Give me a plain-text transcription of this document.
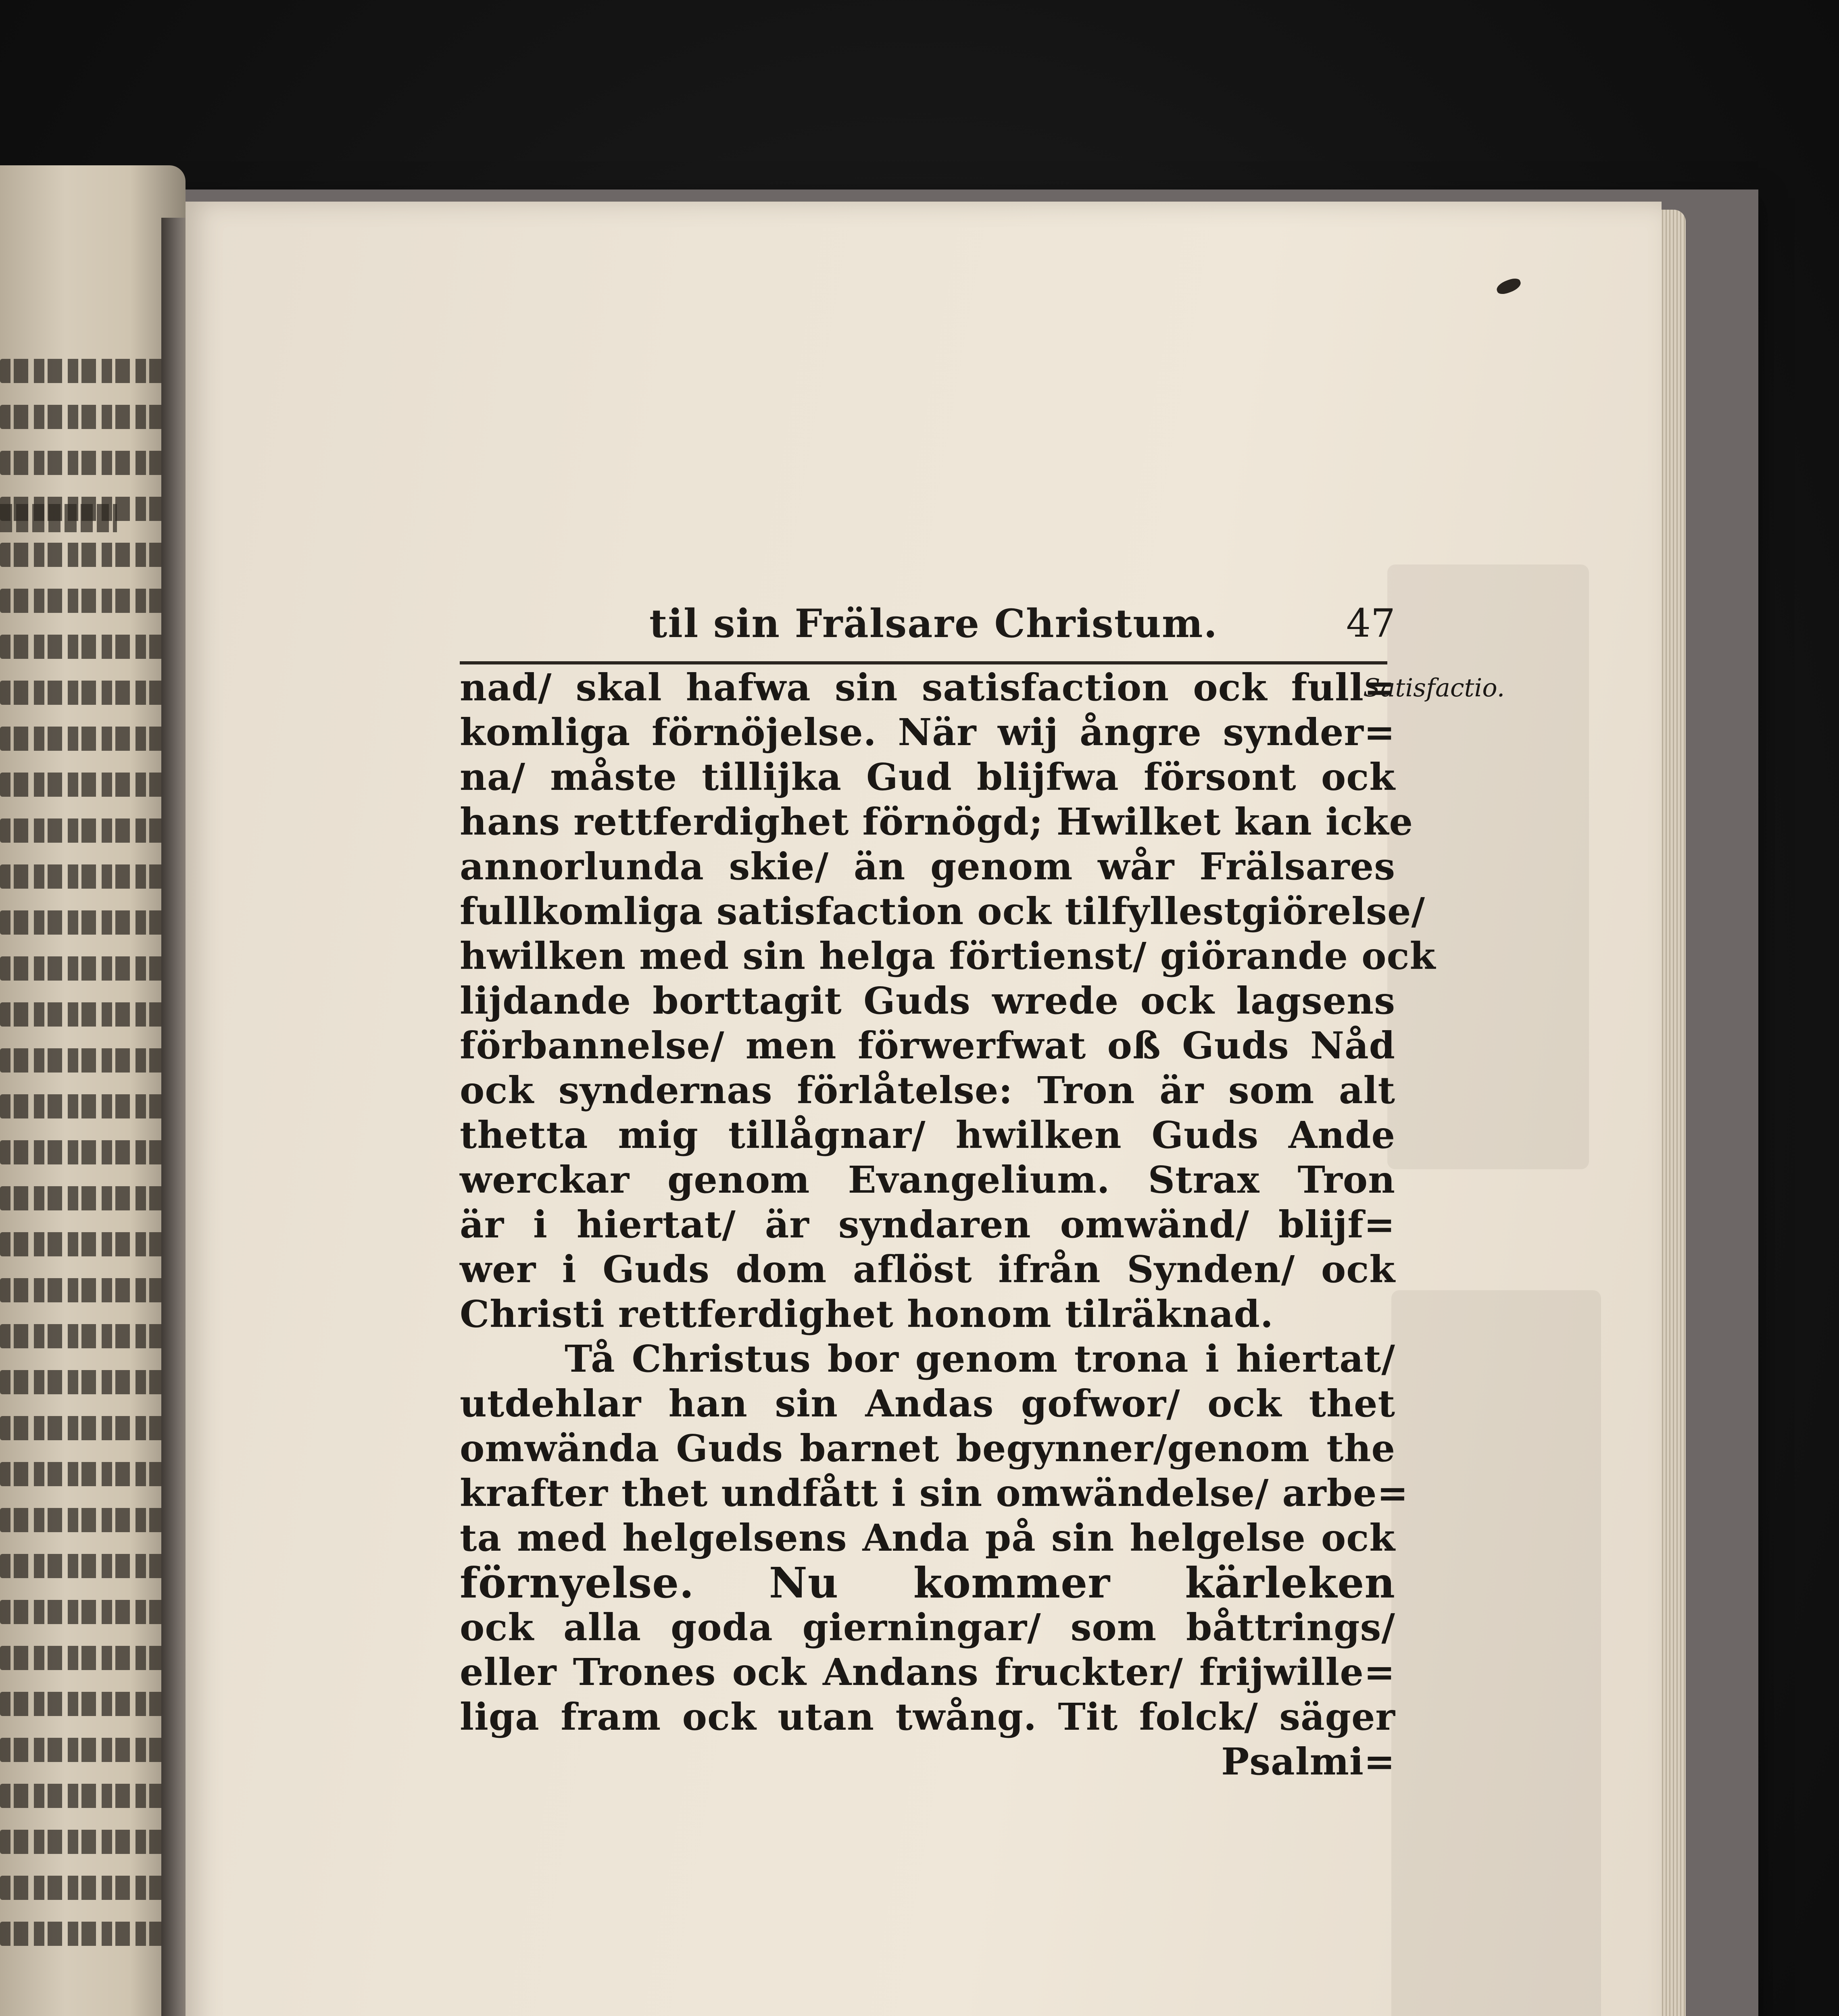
til sin Frälsare Christum.	47
Satisfactio.
nad/ skal hafwa sin satisfaction ock full=
komliga förnöjelse. När wij ångre synder=
na/ måste tillijka Gud blijfwa försont ock
hans rettferdighet förnögd; Hwilket kan icke
annorlunda skie/ än genom wår Frälsares
fullkomliga satisfaction ock tilfyllestgiörelse/
hwilken med sin helga förtienst/ giörande ock
lijdande borttagit Guds wrede ock lagsens
förbannelse/ men förwerfwat oß Guds Nåd
ock syndernas förlåtelse: Tron är som alt
thetta mig tillågnar/ hwilken Guds Ande
werckar genom Evangelium. Strax Tron
är i hiertat/ är syndaren omwänd/ blijf=
wer i Guds dom aflöst ifrån Synden/ ock
Christi rettferdighet honom tilräknad.
Tå Christus bor genom trona i hiertat/
utdehlar han sin Andas gofwor/ ock thet
omwända Guds barnet begynner/genom the
krafter thet undfått i sin omwändelse/ arbe=
ta med helgelsens Anda på sin helgelse ock
förnyelse. Nu kommer kärleken
ock alla goda gierningar/ som båttrings/
eller Trones ock Andans fruckter/ frijwille=
liga fram ock utan twång. Tit folck/ säger
Psalmi=
